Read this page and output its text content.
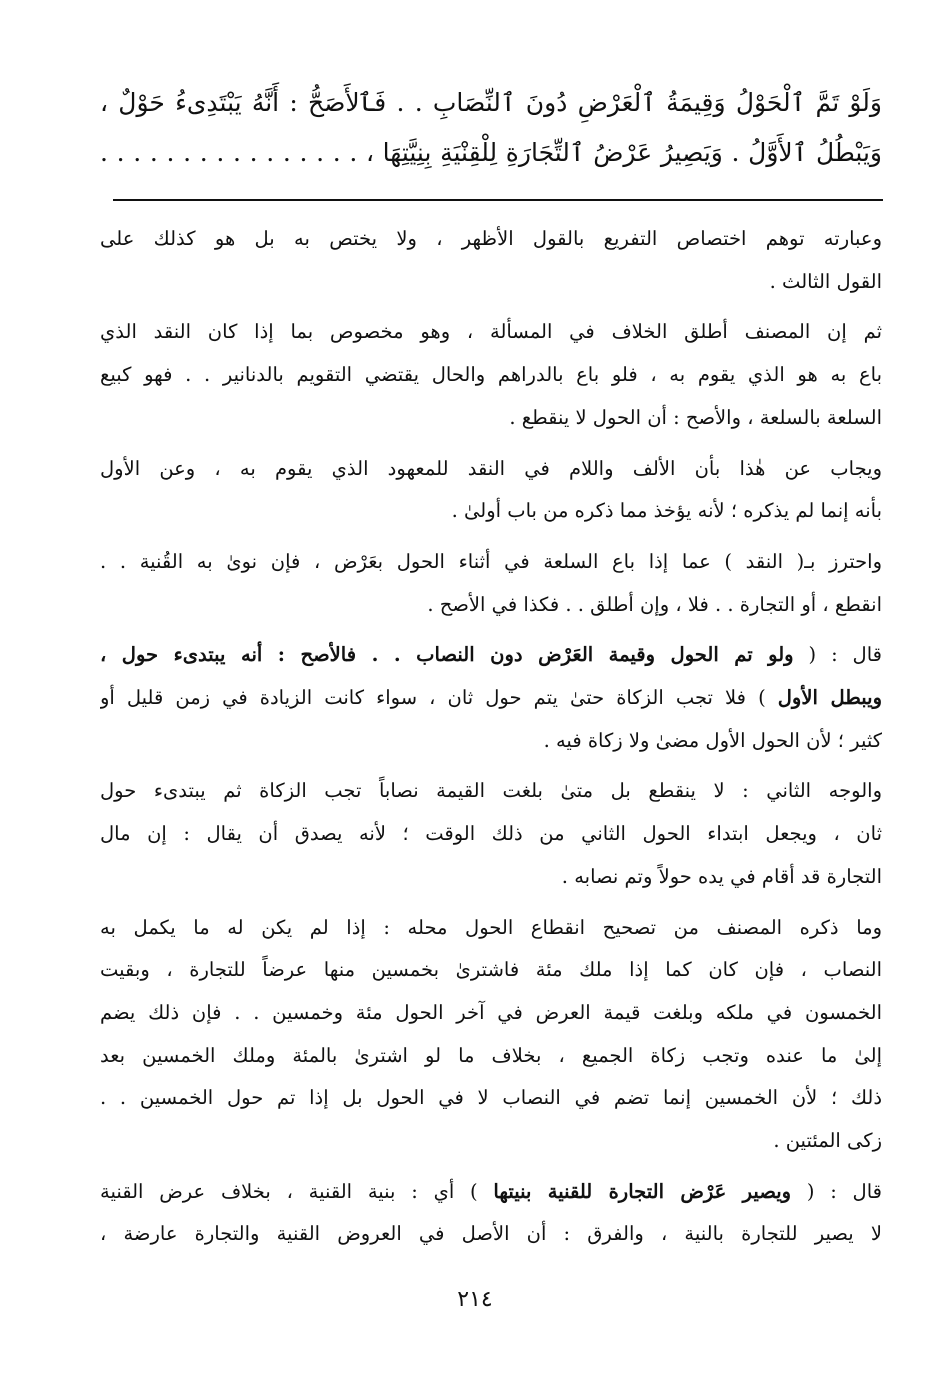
وَلَوْ تَمَّ ٱلْحَوْلُ وَقِيمَةُ ٱلْعَرْضِ دُونَ ٱلنِّصَابِ . . فَٱلأَصَحُّ : أَنَّهُ يَبْتَدِىءُ حَوْلٌ ،
وَيَبْطُلُ ٱلأَوَّلُ . وَيَصِيرُ عَرْضُ ٱلتِّجَارَةِ لِلْقِنْيَةِ بِنِيَّتِهَا ، . . . . . . . . . . . . . . . .

وعبارته توهم اختصاص التفريع بالقول الأظهر ، ولا يختص به بل هو كذلك على
القول الثالث .

ثم إن المصنف أطلق الخلاف في المسألة ، وهو مخصوص بما إذا كان النقد الذي
باع به هو الذي يقوم به ، فلو باع بالدراهم والحال يقتضي التقويم بالدنانير . . فهو كبيع
السلعة بالسلعة ، والأصح : أن الحول لا ينقطع .

ويجاب عن هٰذا بأن الألف واللام في النقد للمعهود الذي يقوم به ، وعن الأول
بأنه إنما لم يذكره ؛ لأنه يؤخذ مما ذكره من باب أولىٰ .

واحترز بـ( النقد ) عما إذا باع السلعة في أثناء الحول بعَرْض ، فإن نوىٰ به القُنية . .
انقطع ، أو التجارة . . فلا ، وإن أطلق . . فكذا في الأصح .

قال : ( ولو تم الحول وقيمة العَرْض دون النصاب . . فالأصح : أنه يبتدىء حول ،
ويبطل الأول ) فلا تجب الزكاة حتىٰ يتم حول ثان ، سواء كانت الزيادة في زمن قليل أو
كثير ؛ لأن الحول الأول مضىٰ ولا زكاة فيه .

والوجه الثاني : لا ينقطع بل متىٰ بلغت القيمة نصاباً تجب الزكاة ثم يبتدىء حول
ثان ، ويجعل ابتداء الحول الثاني من ذلك الوقت ؛ لأنه يصدق أن يقال : إن مال
التجارة قد أقام في يده حولاً وتم نصابه .

وما ذكره المصنف من تصحيح انقطاع الحول محله : إذا لم يكن له ما يكمل به
النصاب ، فإن كان كما إذا ملك مئة فاشترىٰ بخمسين منها عرضاً للتجارة ، وبقيت
الخمسون في ملكه وبلغت قيمة العرض في آخر الحول مئة وخمسين . . فإن ذلك يضم
إلىٰ ما عنده وتجب زكاة الجميع ، بخلاف ما لو اشترىٰ بالمئة وملك الخمسين بعد
ذلك ؛ لأن الخمسين إنما تضم في النصاب لا في الحول بل إذا تم حول الخمسين . .
زكى المئتين .

قال : ( ويصير عَرْض التجارة للقنية بنيتها ) أي : بنية القنية ، بخلاف عرض القنية
لا يصير للتجارة بالنية ، والفرق : أن الأصل في العروض القنية والتجارة عارضة ،

٢١٤
